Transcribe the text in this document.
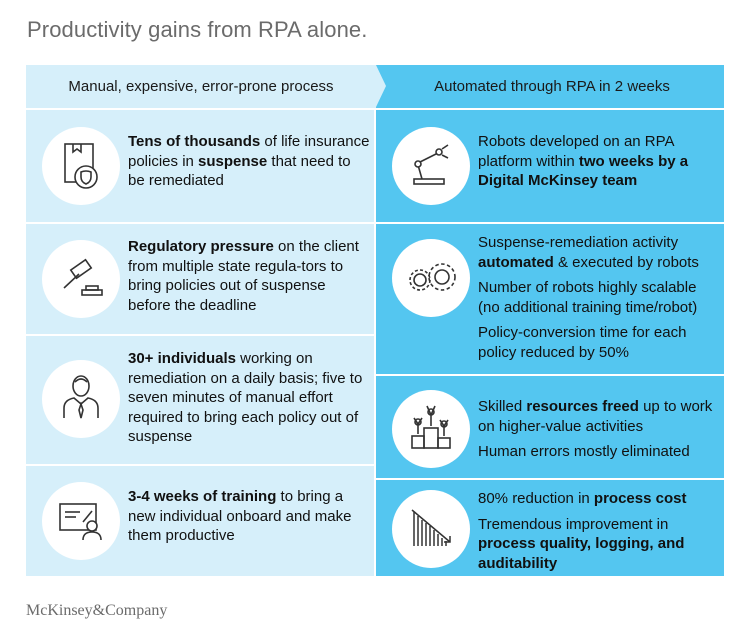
Productivity gains from RPA alone.
Manual, expensive, error-prone process	Automated through RPA in 2 weeks
Tens of thousands of life insurance policies in suspense that need to be remediated
Regulatory pressure on the client from multiple state regula-tors to bring policies out of suspense before the deadline
30+ individuals working on remediation on a daily basis; five to seven minutes of manual effort required to bring each policy out of suspense
3-4 weeks of training to bring a new individual onboard and make them productive
Robots developed on an RPA platform within two weeks by a Digital McKinsey team

Suspense-remediation activity automated & executed by robots

Number of robots highly scalable (no additional training time/robot)

Policy-conversion time for each policy reduced by 50%

Skilled resources freed up to work on higher-value activities

Human errors mostly eliminated

80% reduction in process cost

Tremendous improvement in process quality, logging, and auditability

McKinsey&Company
